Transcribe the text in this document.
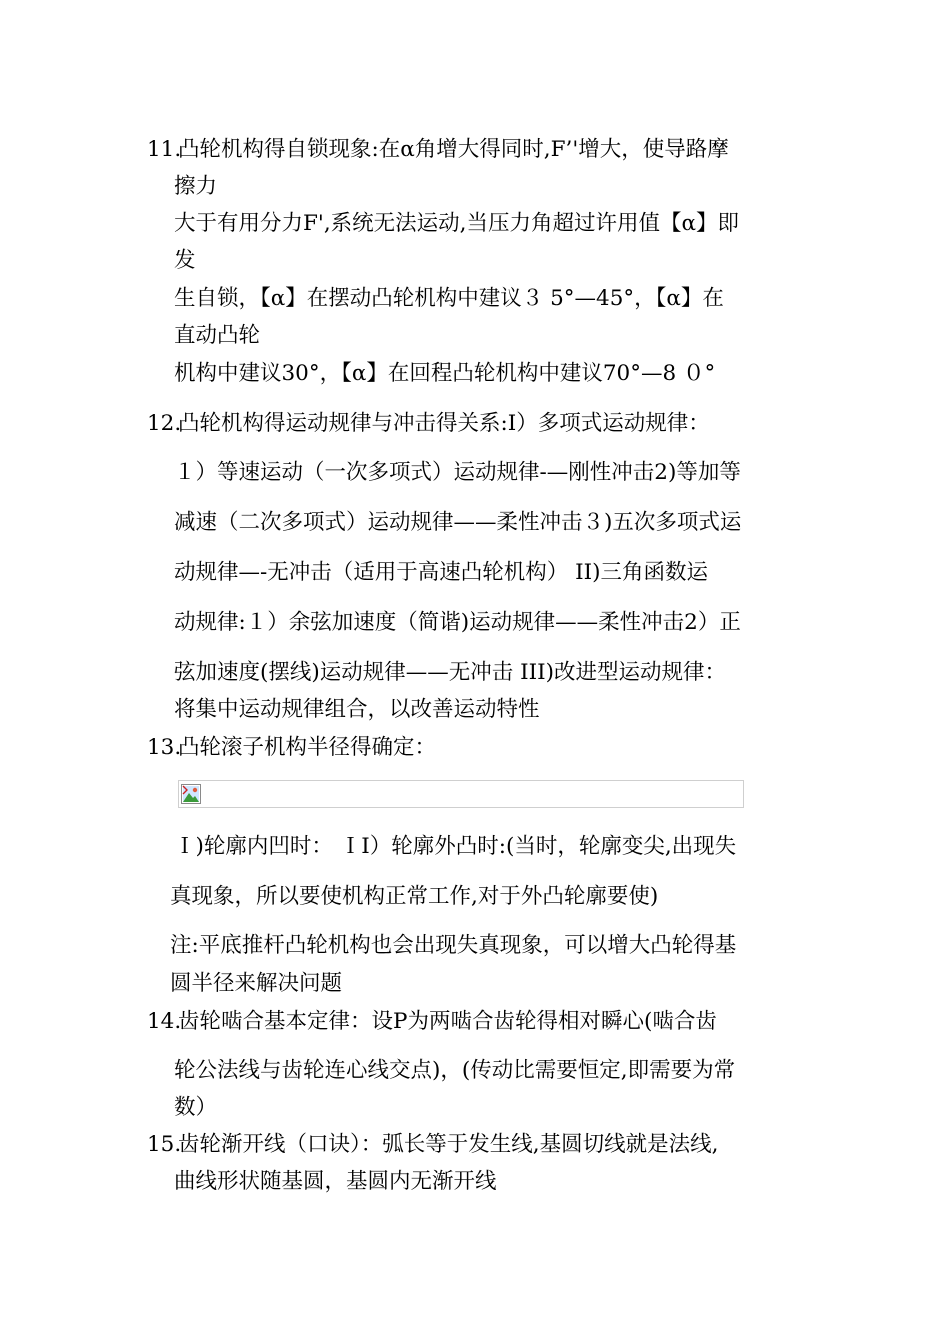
11.
凸轮机构得自锁现象:在α角增大得同时,F’'增大，使导路摩
擦力
大于有用分力F',系统无法运动,当压力角超过许用值【α】即
发
生自锁，【α】在摆动凸轮机构中建议３ 5°—45°，【α】在
直动凸轮
机构中建议30°，【α】在回程凸轮机构中建议70°—8 ０°
12.
凸轮机构得运动规律与冲击得关系:I）多项式运动规律：
１）等速运动（一次多项式）运动规律-—刚性冲击2)等加等
减速（二次多项式）运动规律——柔性冲击３)五次多项式运
动规律—-无冲击（适用于高速凸轮机构） II)三角函数运
动规律:１）余弦加速度（简谐)运动规律——柔性冲击2）正
弦加速度(摆线)运动规律——无冲击 III)改进型运动规律：
将集中运动规律组合，以改善运动特性
13.
凸轮滚子机构半径得确定：
Ｉ)轮廓内凹时： ＩI）轮廓外凸时:(当时，轮廓变尖,出现失
真现象，所以要使机构正常工作,对于外凸轮廓要使)
注:平底推杆凸轮机构也会出现失真现象，可以增大凸轮得基
圆半径来解决问题
14.
齿轮啮合基本定律：设P为两啮合齿轮得相对瞬心(啮合齿
轮公法线与齿轮连心线交点)，(传动比需要恒定,即需要为常
数）
15.
齿轮渐开线（口诀）：弧长等于发生线,基圆切线就是法线,
曲线形状随基圆，基圆内无渐开线
